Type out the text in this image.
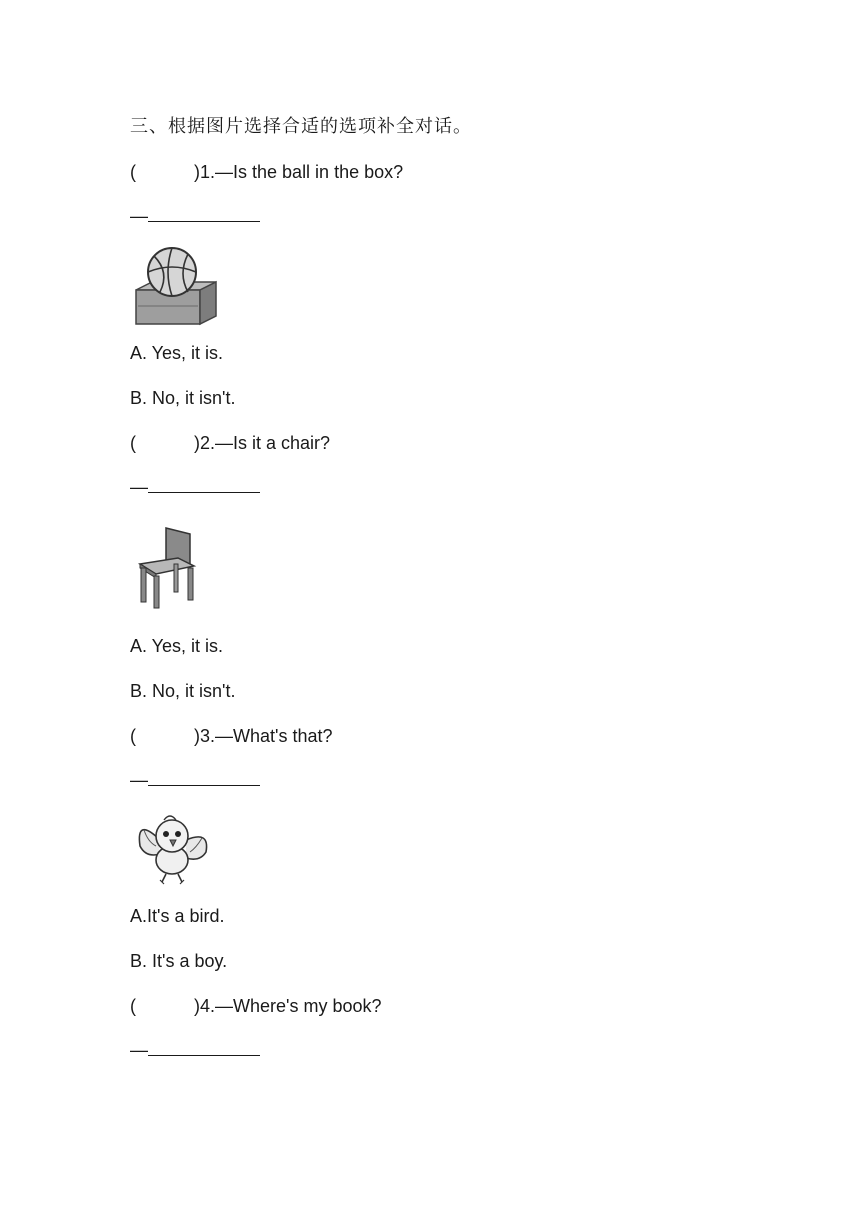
三、根据图片选择合适的选项补全对话。
(	)1.—Is the ball in the box?
—
A. Yes, it is.
B. No, it isn't.
(	)2.—Is it a chair?
—
A. Yes, it is.
B. No, it isn't.
(	)3.—What's that?
—
A.It's a bird.
B. It's a boy.
(	)4.—Where's my book?
—
